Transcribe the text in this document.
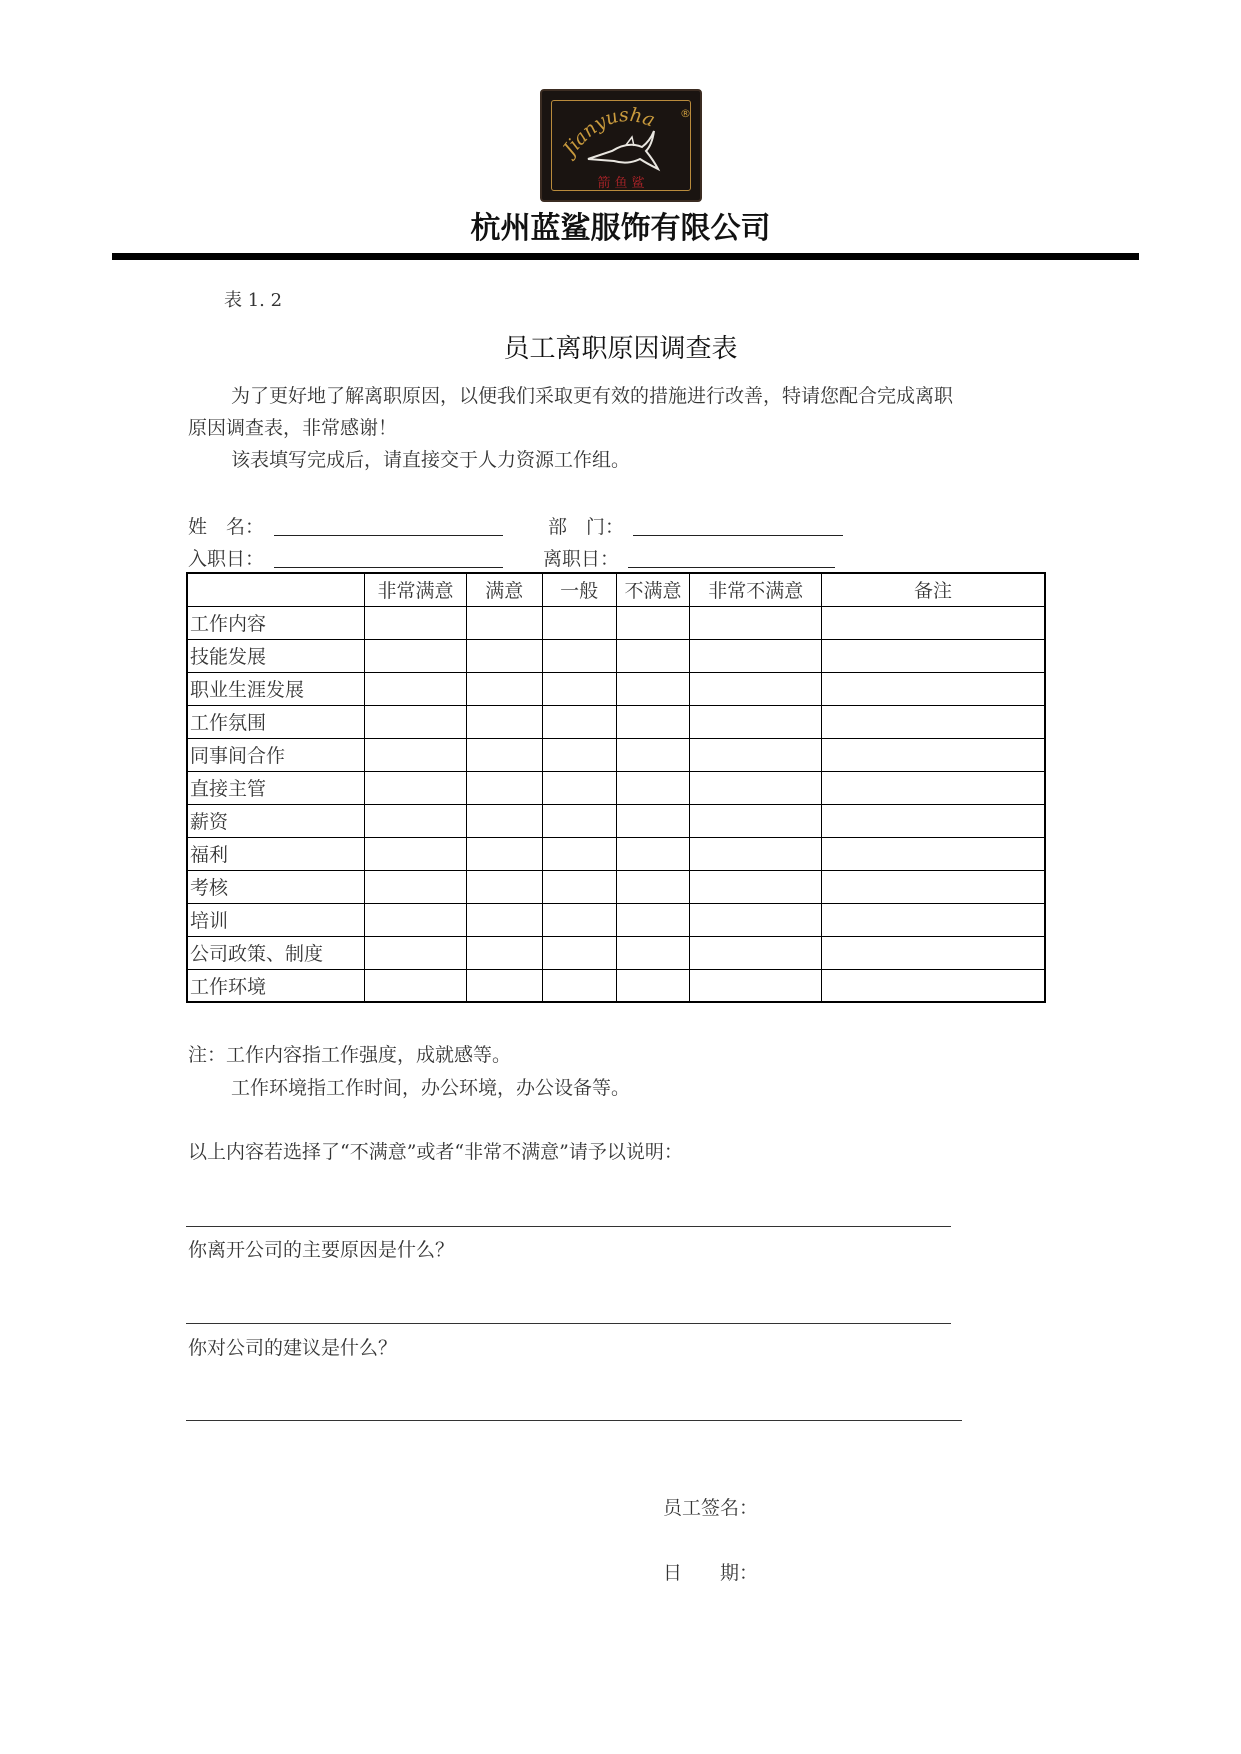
Jianyusha ®
箭鱼鲨
杭州蓝鲨服饰有限公司
表 1. 2
员工离职原因调查表
为了更好地了解离职原因，以便我们采取更有效的措施进行改善，特请您配合完成离职
原因调查表，非常感谢！
该表填写完成后，请直接交于人力资源工作组。
姓　名：	部　门：
入职日：	离职日：
	非常满意	满意	一般	不满意	非常不满意	备注
工作内容						
技能发展						
职业生涯发展						
工作氛围						
同事间合作						
直接主管						
薪资						
福利						
考核						
培训						
公司政策、制度						
工作环境						
注：工作内容指工作强度，成就感等。
工作环境指工作时间，办公环境，办公设备等。
以上内容若选择了“不满意”或者“非常不满意”请予以说明：
你离开公司的主要原因是什么？
你对公司的建议是什么？
员工签名：
日　　期：
